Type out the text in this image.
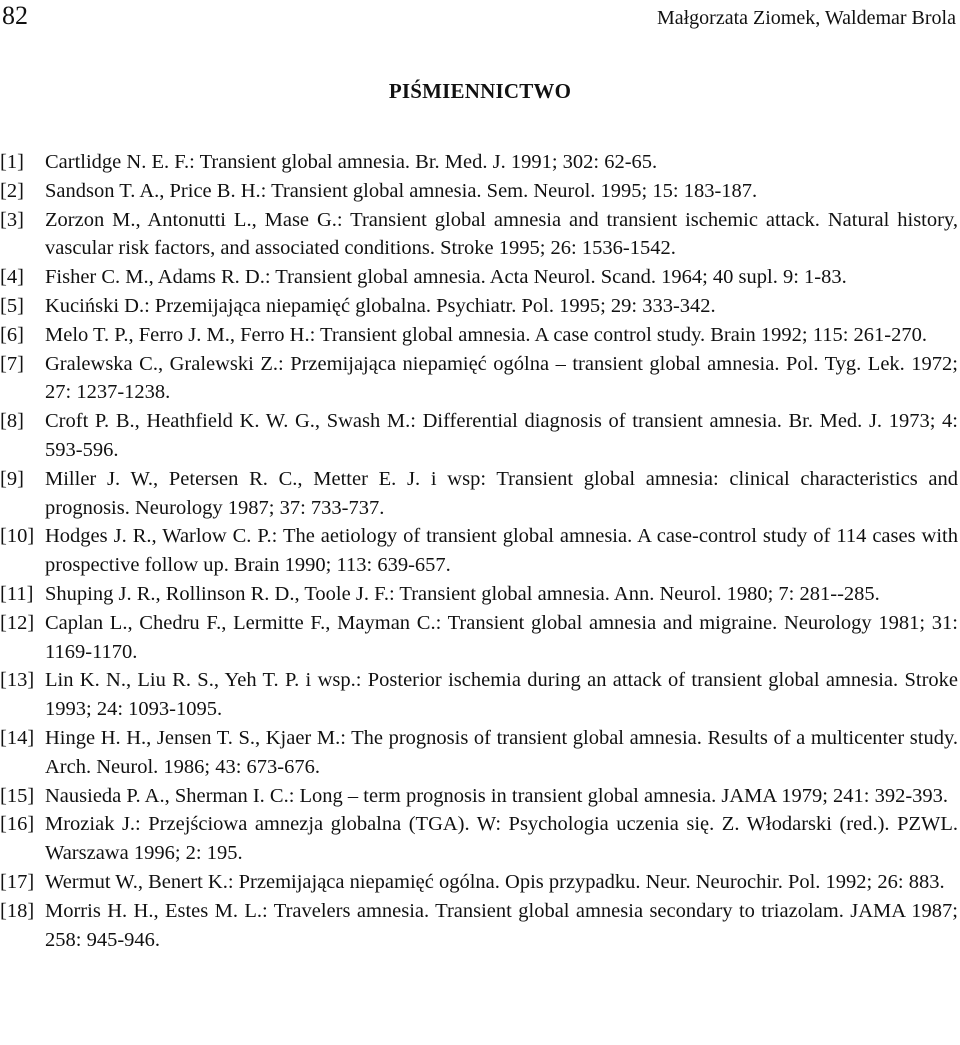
82	Małgorzata Ziomek, Waldemar Brola
PIŚMIENNICTWO
[1]	Cartlidge N. E. F.: Transient global amnesia. Br. Med. J. 1991; 302: 62-65.
[2]	Sandson T. A., Price B. H.: Transient global amnesia. Sem. Neurol. 1995; 15: 183-187.
[3]	Zorzon M., Antonutti L., Mase G.: Transient global amnesia and transient ischemic attack. Natural history, vascular risk factors, and associated conditions. Stroke 1995; 26: 1536-1542.
[4]	Fisher C. M., Adams R. D.: Transient global amnesia. Acta Neurol. Scand. 1964; 40 supl. 9: 1-83.
[5]	Kuciński D.: Przemijająca niepamięć globalna. Psychiatr. Pol. 1995; 29: 333-342.
[6]	Melo T. P., Ferro J. M., Ferro H.: Transient global amnesia. A case control study. Brain 1992; 115: 261-270.
[7]	Gralewska C., Gralewski Z.: Przemijająca niepamięć ogólna – transient global amnesia. Pol. Tyg. Lek. 1972; 27: 1237-1238.
[8]	Croft P. B., Heathfield K. W. G., Swash M.: Differential diagnosis of transient amnesia. Br. Med. J. 1973; 4: 593-596.
[9]	Miller J. W., Petersen R. C., Metter E. J. i wsp: Transient global amnesia: clinical characteristics and prognosis. Neurology 1987; 37: 733-737.
[10] Hodges J. R., Warlow C. P.: The aetiology of transient global amnesia. A case-control study of 114 cases with prospective follow up. Brain 1990; 113: 639-657.
[11] Shuping J. R., Rollinson R. D., Toole J. F.: Transient global amnesia. Ann. Neurol. 1980; 7: 281--285.
[12] Caplan L., Chedru F., Lermitte F., Mayman C.: Transient global amnesia and migraine. Neurology 1981; 31: 1169-1170.
[13] Lin K. N., Liu R. S., Yeh T. P. i wsp.: Posterior ischemia during an attack of transient global amnesia. Stroke 1993; 24: 1093-1095.
[14] Hinge H. H., Jensen T. S., Kjaer M.: The prognosis of transient global amnesia. Results of a multicenter study. Arch. Neurol. 1986; 43: 673-676.
[15] Nausieda P. A., Sherman I. C.: Long – term prognosis in transient global amnesia. JAMA 1979; 241: 392-393.
[16] Mroziak J.: Przejściowa amnezja globalna (TGA). W: Psychologia uczenia się. Z. Włodarski (red.). PZWL. Warszawa 1996; 2: 195.
[17] Wermut W., Benert K.: Przemijająca niepamięć ogólna. Opis przypadku. Neur. Neurochir. Pol. 1992; 26: 883.
[18] Morris H. H., Estes M. L.: Travelers amnesia. Transient global amnesia secondary to triazolam. JAMA 1987; 258: 945-946.
